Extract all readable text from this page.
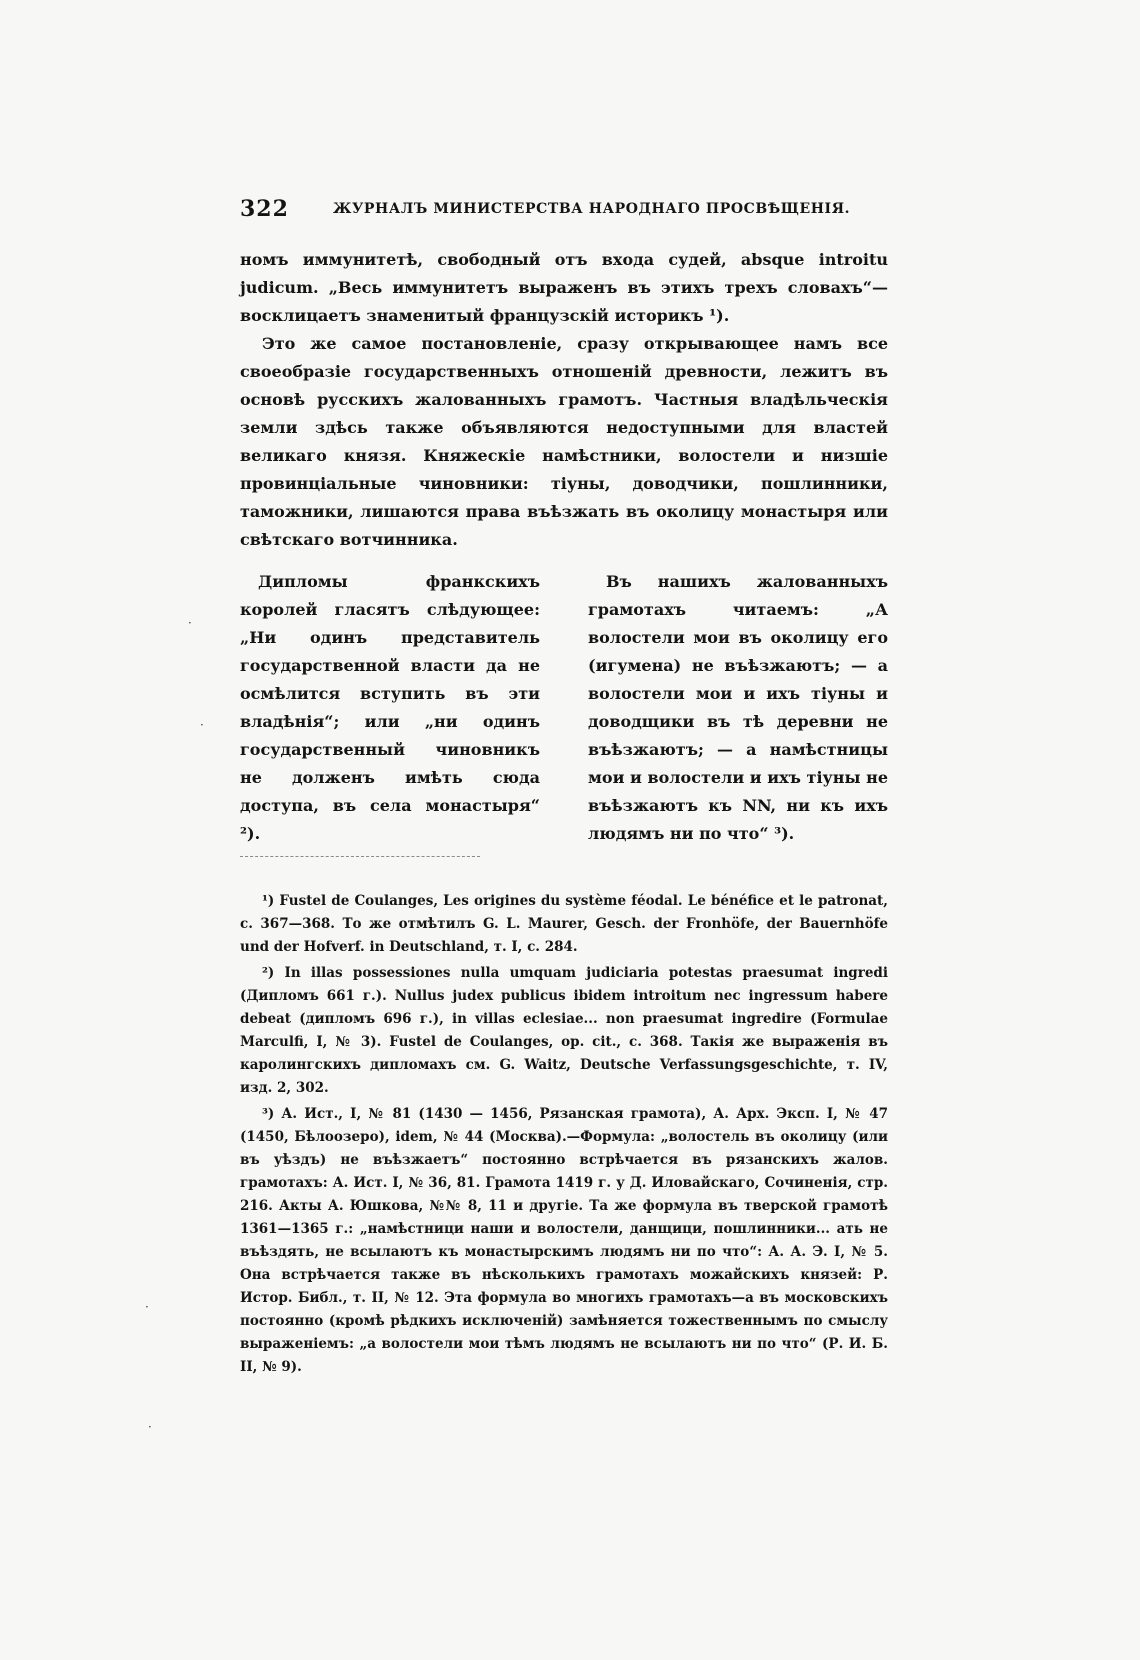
322	ЖУРНАЛЪ МИНИСТЕРСТВА НАРОДНАГО ПРОСВѢЩЕНІЯ.

номъ иммунитетѣ, свободный отъ входа судей, absque introitu judicum. „Весь иммунитетъ выраженъ въ этихъ трехъ словахъ“—восклицаетъ знаменитый французскій историкъ ¹).

Это же самое постановленіе, сразу открывающее намъ все своеобразіе государственныхъ отношеній древности, лежитъ въ основѣ русскихъ жалованныхъ грамотъ. Частныя владѣльческія земли здѣсь также объявляются недоступными для властей великаго князя. Княжескіе намѣстники, волостели и низшіе провинціальные чиновники: тіуны, доводчики, пошлинники, таможники, лишаются права въѣзжать въ околицу монастыря или свѣтскаго вотчинника.

Дипломы франкскихъ королей гласятъ слѣдующее: „Ни одинъ представитель государственной власти да не осмѣлится вступить въ эти владѣнія“; или „ни одинъ государственный чиновникъ не долженъ имѣть сюда доступа, въ села монастыря“ ²).
Въ нашихъ жалованныхъ грамотахъ читаемъ: „А волостели мои въ околицу его (игумена) не въѣзжаютъ; — а волостели мои и ихъ тіуны и доводщики въ тѣ деревни не въѣзжаютъ; — а намѣстницы мои и волостели и ихъ тіуны не въѣзжаютъ къ NN, ни къ ихъ людямъ ни по что“ ³).

¹) Fustel de Coulanges, Les origines du système féodal. Le bénéfice et le patronat, с. 367—368. То же отмѣтилъ G. L. Maurer, Gesch. der Fronhöfe, der Bauernhöfe und der Hofverf. in Deutschland, т. I, с. 284.

²) In illas possessiones nulla umquam judiciaria potestas praesumat ingredi (Дипломъ 661 г.). Nullus judex publicus ibidem introitum nec ingressum habere debeat (дипломъ 696 г.), in villas eclesiae... non praesumat ingredire (Formulae Marculfi, I, № 3). Fustel de Coulanges, op. cit., с. 368. Такія же выраженія въ каролингскихъ дипломахъ см. G. Waitz, Deutsche Verfassungsgeschichte, т. IV, изд. 2, 302.

³) А. Ист., I, № 81 (1430 — 1456, Рязанская грамота), А. Арх. Эксп. I, № 47 (1450, Бѣлоозеро), idem, № 44 (Москва).—Формула: „волостель въ околицу (или въ уѣздъ) не въѣзжаетъ“ постоянно встрѣчается въ рязанскихъ жалов. грамотахъ: А. Ист. I, № 36, 81. Грамота 1419 г. у Д. Иловайскаго, Сочиненія, стр. 216. Акты А. Юшкова, №№ 8, 11 и другіе. Та же формула въ тверской грамотѣ 1361—1365 г.: „намѣстници наши и волостели, данщици, пошлинники... ать не въѣздять, не всылаютъ къ монастырскимъ людямъ ни по что“: А. А. Э. I, № 5. Она встрѣчается также въ нѣсколькихъ грамотахъ можайскихъ князей: Р. Истор. Библ., т. II, № 12. Эта формула во многихъ грамотахъ—а въ московскихъ постоянно (кромѣ рѣдкихъ исключеній) замѣняется тожественнымъ по смыслу выраженіемъ: „а волостели мои тѣмъ людямъ не всылаютъ ни по что“ (Р. И. Б. II, № 9).

·
·
·
·
